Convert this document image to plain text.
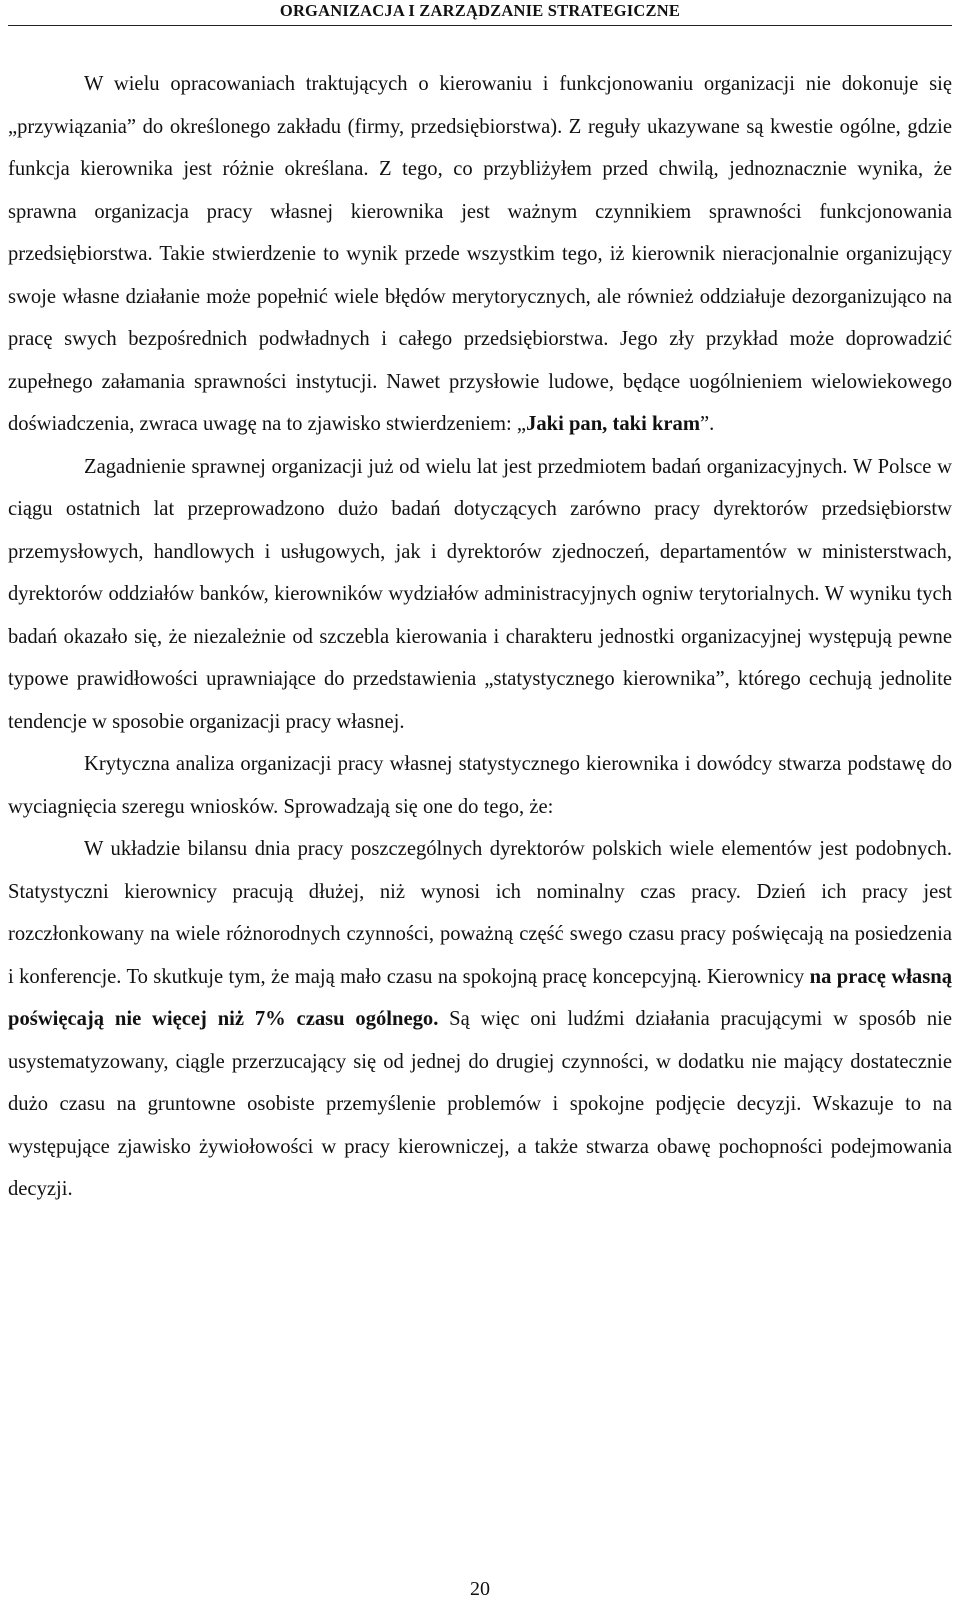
ORGANIZACJA I ZARZĄDZANIE STRATEGICZNE

W wielu opracowaniach traktujących o kierowaniu i funkcjonowaniu organizacji nie dokonuje się „przywiązania” do określonego zakładu (firmy, przedsiębiorstwa). Z reguły ukazywane są kwestie ogólne, gdzie funkcja kierownika jest różnie określana. Z tego, co przybliżyłem przed chwilą, jednoznacznie wynika, że sprawna organizacja pracy własnej kierownika jest ważnym czynnikiem sprawności funkcjonowania przedsiębiorstwa. Takie stwierdzenie to wynik przede wszystkim tego, iż kierownik nieracjonalnie organizujący swoje własne działanie może popełnić wiele błędów merytorycznych, ale również oddziałuje dezorganizująco na pracę swych bezpośrednich podwładnych i całego przedsiębiorstwa. Jego zły przykład może doprowadzić zupełnego załamania sprawności instytucji. Nawet przysłowie ludowe, będące uogólnieniem wielowiekowego doświadczenia, zwraca uwagę na to zjawisko stwierdzeniem: „Jaki pan, taki kram”.

Zagadnienie sprawnej organizacji już od wielu lat jest przedmiotem badań organizacyjnych. W Polsce w ciągu ostatnich lat przeprowadzono dużo badań dotyczących zarówno pracy dyrektorów przedsiębiorstw przemysłowych, handlowych i usługowych, jak i dyrektorów zjednoczeń, departamentów w ministerstwach, dyrektorów oddziałów banków, kierowników wydziałów administracyjnych ogniw terytorialnych. W wyniku tych badań okazało się, że niezależnie od szczebla kierowania i charakteru jednostki organizacyjnej występują pewne typowe prawidłowości uprawniające do przedstawienia „statystycznego kierownika”, którego cechują jednolite tendencje w sposobie organizacji pracy własnej.

Krytyczna analiza organizacji pracy własnej statystycznego kierownika i dowódcy stwarza podstawę do wyciagnięcia szeregu wniosków. Sprowadzają się one do tego, że:

W układzie bilansu dnia pracy poszczególnych dyrektorów polskich wiele elementów jest podobnych. Statystyczni kierownicy pracują dłużej, niż wynosi ich nominalny czas pracy. Dzień ich pracy jest rozczłonkowany na wiele różnorodnych czynności, poważną część swego czasu pracy poświęcają na posiedzenia i konferencje. To skutkuje tym, że mają mało czasu na spokojną pracę koncepcyjną. Kierownicy na pracę własną poświęcają nie więcej niż 7% czasu ogólnego. Są więc oni ludźmi działania pracującymi w sposób nie usystematyzowany, ciągle przerzucający się od jednej do drugiej czynności, w dodatku nie mający dostatecznie dużo czasu na gruntowne osobiste przemyślenie problemów i spokojne podjęcie decyzji. Wskazuje to na występujące zjawisko żywiołowości w pracy kierowniczej, a także stwarza obawę pochopności podejmowania decyzji.

20
